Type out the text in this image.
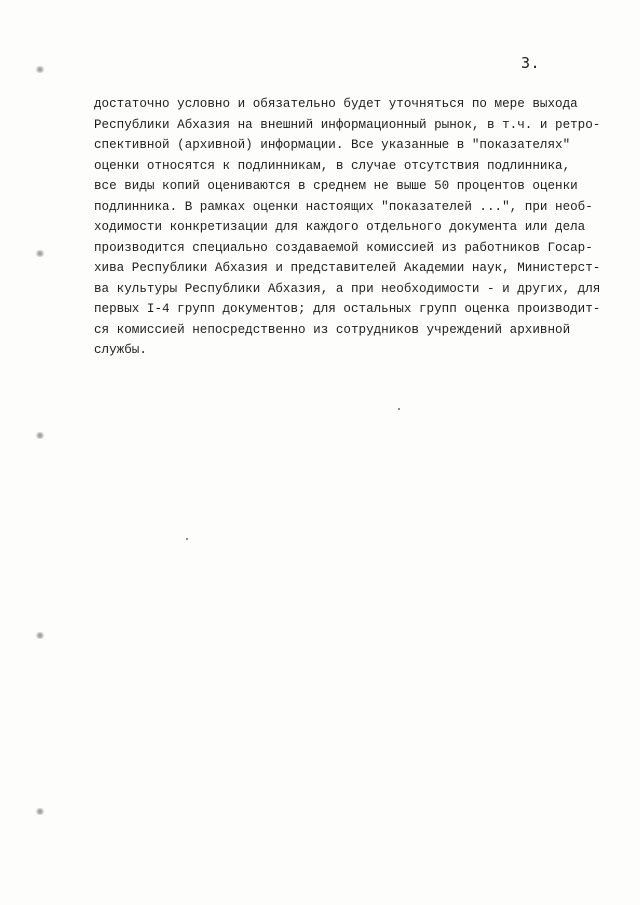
3.
достаточно условно и обязательно будет уточняться по мере выхода
Республики Абхазия на внешний информационный рынок, в т.ч. и ретро-
спективной (архивной) информации. Все указанные в "показателях"
оценки относятся к подлинникам, в случае отсутствия подлинника,
все виды копий оцениваются в среднем не выше 50 процентов оценки
подлинника. В рамках оценки настоящих "показателей ...", при необ-
ходимости конкретизации для каждого отдельного документа или дела
производится специально создаваемой комиссией из работников Госар-
хива Республики Абхазия и представителей Академии наук, Министерст-
ва культуры Республики Абхазия, а при необходимости - и других, для
первых I-4 групп документов; для остальных групп оценка производит-
ся комиссией непосредственно из сотрудников учреждений архивной
службы.
